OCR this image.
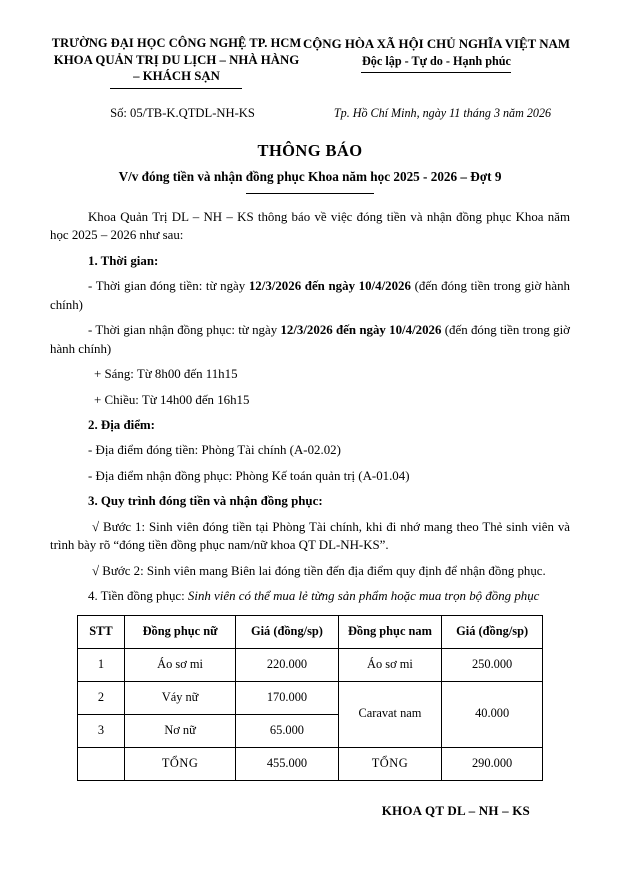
TRƯỜNG ĐẠI HỌC CÔNG NGHỆ TP. HCM
KHOA QUẢN TRỊ DU LỊCH – NHÀ HÀNG
– KHÁCH SẠN
CỘNG HÒA XÃ HỘI CHỦ NGHĨA VIỆT NAM
Độc lập - Tự do - Hạnh phúc
Số: 05/TB-K.QTDL-NH-KS	Tp. Hồ Chí Minh, ngày 11 tháng 3 năm 2026
THÔNG BÁO
V/v đóng tiền và nhận đồng phục Khoa năm học 2025 - 2026 – Đợt 9

Khoa Quản Trị DL – NH – KS thông báo về việc đóng tiền và nhận đồng phục Khoa năm học 2025 – 2026 như sau:

1. Thời gian:

- Thời gian đóng tiền: từ ngày 12/3/2026 đến ngày 10/4/2026 (đến đóng tiền trong giờ hành chính)

- Thời gian nhận đồng phục: từ ngày 12/3/2026 đến ngày 10/4/2026 (đến đóng tiền trong giờ hành chính)

+ Sáng: Từ 8h00 đến 11h15

+ Chiều: Từ 14h00 đến 16h15

2. Địa điểm:

- Địa điểm đóng tiền: Phòng Tài chính (A-02.02)

- Địa điểm nhận đồng phục: Phòng Kế toán quản trị (A-01.04)

3. Quy trình đóng tiền và nhận đồng phục:

√ Bước 1: Sinh viên đóng tiền tại Phòng Tài chính, khi đi nhớ mang theo Thẻ sinh viên và trình bày rõ “đóng tiền đồng phục nam/nữ khoa QT DL-NH-KS”.

√ Bước 2: Sinh viên mang Biên lai đóng tiền đến địa điểm quy định để nhận đồng phục.

4. Tiền đồng phục: Sinh viên có thể mua lẻ từng sản phẩm hoặc mua trọn bộ đồng phục

STT	Đồng phục nữ	Giá (đồng/sp)	Đồng phục nam	Giá (đồng/sp)
1	Áo sơ mi	220.000	Áo sơ mi	250.000
2	Váy nữ	170.000	Caravat nam	40.000
3	Nơ nữ	65.000		
	TỔNG	455.000	TỔNG	290.000
KHOA QT DL – NH – KS
